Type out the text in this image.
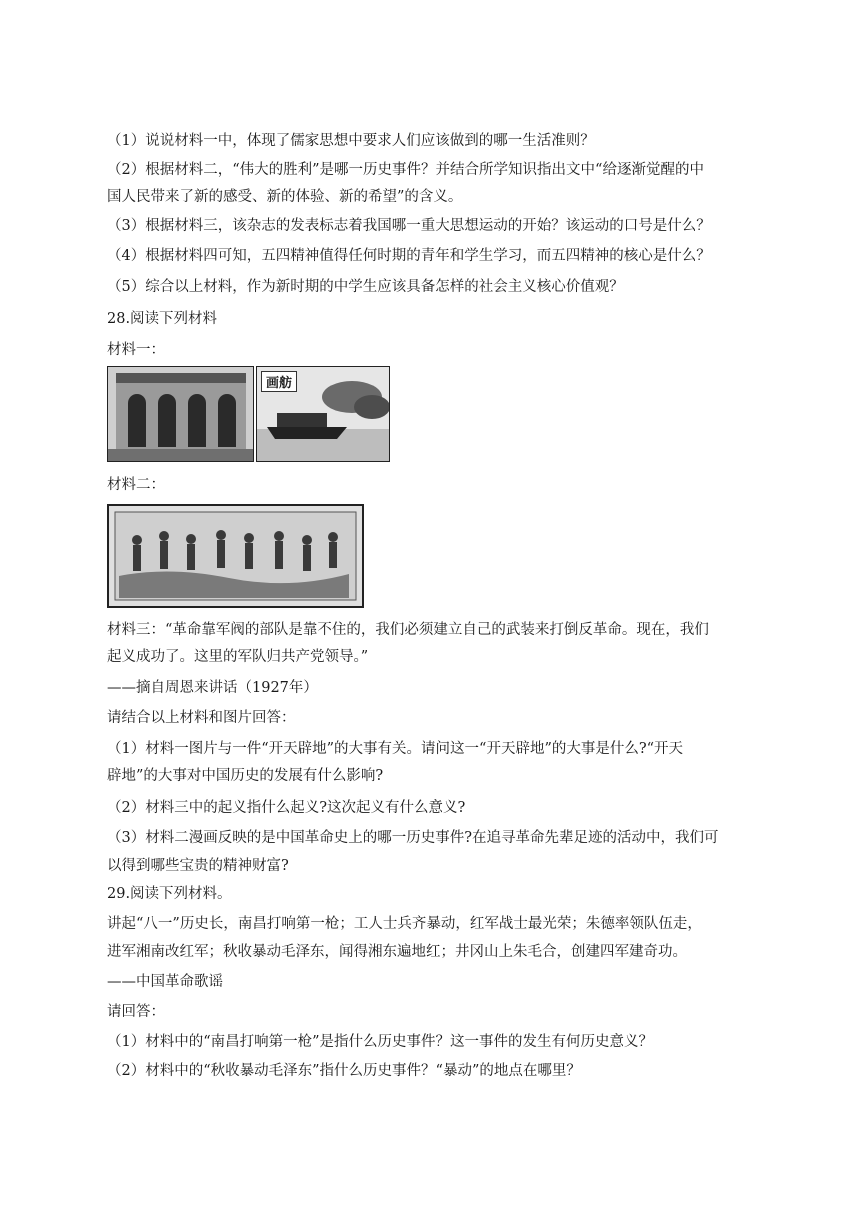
（1）说说材料一中，体现了儒家思想中要求人们应该做到的哪一生活准则？
（2）根据材料二，“伟大的胜利”是哪一历史事件？并结合所学知识指出文中“给逐渐觉醒的中
国人民带来了新的感受、新的体验、新的希望”的含义。
（3）根据材料三，该杂志的发表标志着我国哪一重大思想运动的开始？该运动的口号是什么？
（4）根据材料四可知，五四精神值得任何时期的青年和学生学习，而五四精神的核心是什么？
（5）综合以上材料，作为新时期的中学生应该具备怎样的社会主义核心价值观？
28.阅读下列材料
材料一：
画舫
材料二：
材料三：“革命靠军阀的部队是靠不住的，我们必须建立自己的武装来打倒反革命。现在，我们
起义成功了。这里的军队归共产党领导。”
——摘自周恩来讲话（1927年）
请结合以上材料和图片回答：
（1）材料一图片与一件“开天辟地”的大事有关。请问这一“开天辟地”的大事是什么?“开天
辟地”的大事对中国历史的发展有什么影响?
（2）材料三中的起义指什么起义?这次起义有什么意义?
（3）材料二漫画反映的是中国革命史上的哪一历史事件?在追寻革命先辈足迹的活动中，我们可
以得到哪些宝贵的精神财富?
29.阅读下列材料。
讲起“八一”历史长，南昌打响第一枪；工人士兵齐暴动，红军战士最光荣；朱德率领队伍走，
进军湘南改红军；秋收暴动毛泽东，闻得湘东遍地红；井冈山上朱毛合，创建四军建奇功。
——中国革命歌谣
请回答：
（1）材料中的“南昌打响第一枪”是指什么历史事件？这一事件的发生有何历史意义？
（2）材料中的“秋收暴动毛泽东”指什么历史事件？“暴动”的地点在哪里？
